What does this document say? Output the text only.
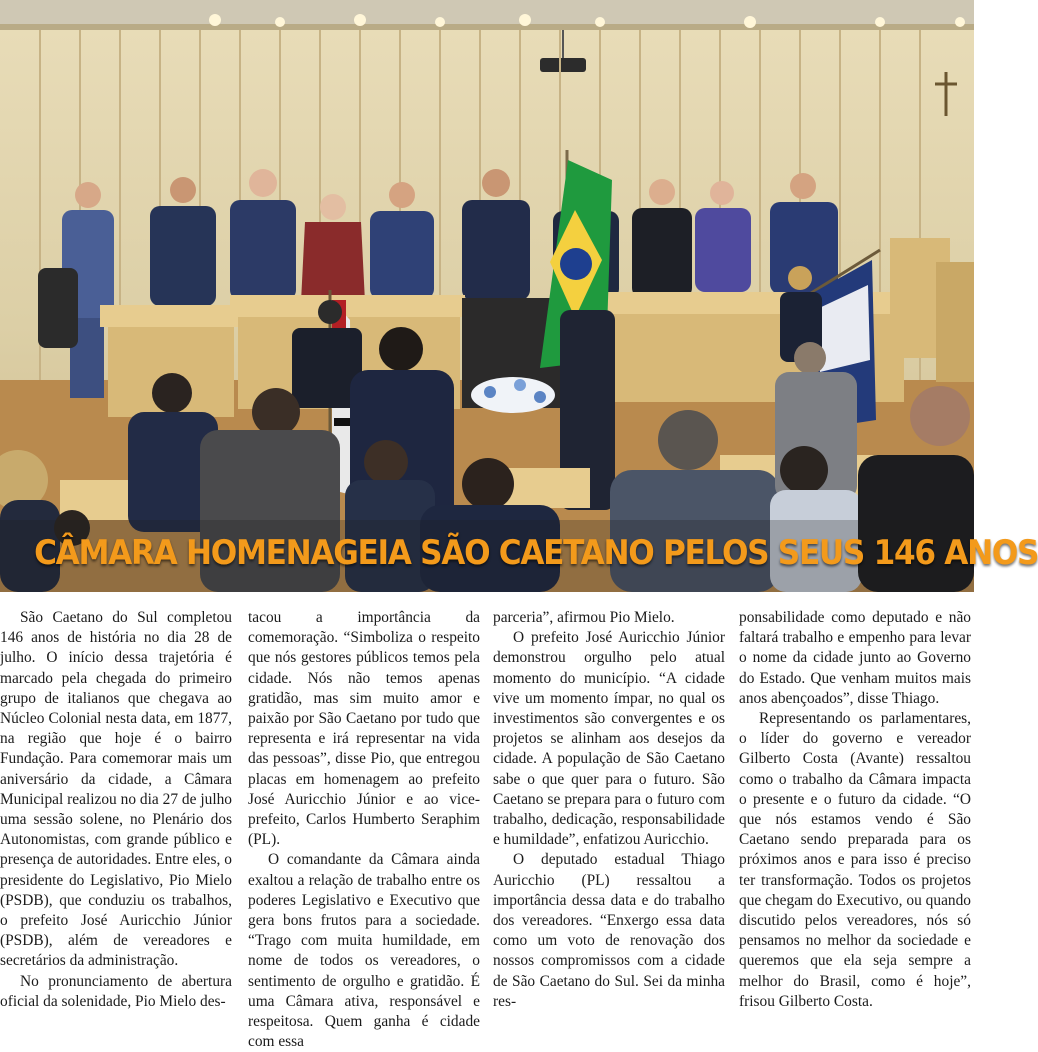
CÂMARA HOMENAGEIA SÃO CAETANO PELOS SEUS 146 ANOS

São Caetano do Sul completou 146 anos de história no dia 28 de julho. O início dessa trajetória é marcado pela chegada do primeiro grupo de italianos que chegava ao Núcleo Colonial nesta data, em 1877, na região que hoje é o bairro Fundação. Para comemorar mais um aniversário da cidade, a Câmara Municipal realizou no dia 27 de julho uma sessão solene, no Plenário dos Autonomistas, com grande público e presença de autoridades. Entre eles, o presidente do Legislativo, Pio Mielo (PSDB), que conduziu os trabalhos, o prefeito José Auricchio Júnior (PSDB), além de vereadores e secretários da administração.

No pronunciamento de abertura oficial da solenidade, Pio Mielo des-

tacou a importância da comemoração. “Simboliza o respeito que nós gestores públicos temos pela cidade. Nós não temos apenas gratidão, mas sim muito amor e paixão por São Caetano por tudo que representa e irá representar na vida das pessoas”, disse Pio, que entregou placas em homenagem ao prefeito José Auricchio Júnior e ao vice-prefeito, Carlos Humberto Seraphim (PL).

O comandante da Câmara ainda exaltou a relação de trabalho entre os poderes Legislativo e Executivo que gera bons frutos para a sociedade. “Trago com muita humildade, em nome de todos os vereadores, o sentimento de orgulho e gratidão. É uma Câmara ativa, responsável e respeitosa. Quem ganha é cidade com essa

parceria”, afirmou Pio Mielo.

O prefeito José Auricchio Júnior demonstrou orgulho pelo atual momento do município. “A cidade vive um momento ímpar, no qual os investimentos são convergentes e os projetos se alinham aos desejos da cidade. A população de São Caetano sabe o que quer para o futuro. São Caetano se prepara para o futuro com trabalho, dedicação, responsabilidade e humildade”, enfatizou Auricchio.

O deputado estadual Thiago Auricchio (PL) ressaltou a importância dessa data e do trabalho dos vereadores. “Enxergo essa data como um voto de renovação dos nossos compromissos com a cidade de São Caetano do Sul. Sei da minha res-

ponsabilidade como deputado e não faltará trabalho e empenho para levar o nome da cidade junto ao Governo do Estado. Que venham muitos mais anos abençoados”, disse Thiago.

Representando os parlamentares, o líder do governo e vereador Gilberto Costa (Avante) ressaltou como o trabalho da Câmara impacta o presente e o futuro da cidade. “O que nós estamos vendo é São Caetano sendo preparada para os próximos anos e para isso é preciso ter transformação. Todos os projetos que chegam do Executivo, ou quando discutido pelos vereadores, nós só pensamos no melhor da sociedade e queremos que ela seja sempre a melhor do Brasil, como é hoje”, frisou Gilberto Costa.
